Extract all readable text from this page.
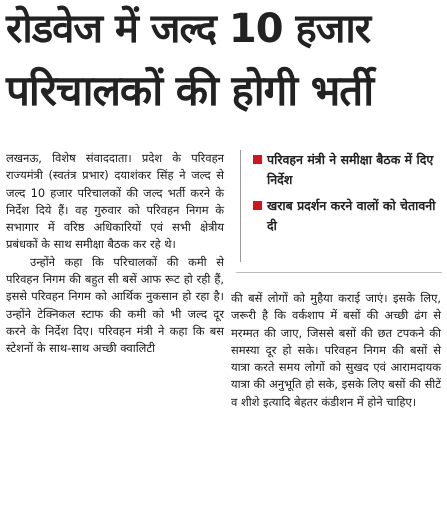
रोडवेज में जल्द 10 हजार
परिचालकों की होगी भर्ती

लखनऊ, विशेष संवाददाता। प्रदेश के परिवहन राज्यमंत्री (स्वतंत्र प्रभार) दयाशंकर सिंह ने जल्द से जल्द 10 हजार परिचालकों की जल्द भर्ती करने के निर्देश दिये हैं। वह गुरुवार को परिवहन निगम के सभागार में वरिष्ठ अधिकारियों एवं सभी क्षेत्रीय प्रबंधकों के साथ समीक्षा बैठक कर रहे थे।

उन्होंने कहा कि परिचालकों की कमी से परिवहन निगम की बहुत सी बसें आफ रूट हो रही हैं, इससे परिवहन निगम को आर्थिक नुकसान हो रहा है। उन्होंने टेक्निकल स्टाफ की कमी को भी जल्द दूर करने के निर्देश दिए। परिवहन मंत्री ने कहा कि बस स्टेशनों के साथ-साथ अच्छी क्वालिटी

परिवहन मंत्री ने समीक्षा बैठक में दिए निर्देश
खराब प्रदर्शन करने वालों को चेतावनी दी

की बसें लोगों को मुहैया कराई जाएं। इसके लिए, जरूरी है कि वर्कशाप में बसों की अच्छी ढंग से मरम्मत की जाए, जिससे बसों की छत टपकने की समस्या दूर हो सके। परिवहन निगम की बसों से यात्रा करते समय लोगों को सुखद एवं आरामदायक यात्रा की अनुभूति हो सके, इसके लिए बसों की सीटें व शीशे इत्यादि बेहतर कंडीशन में होने चाहिए।
